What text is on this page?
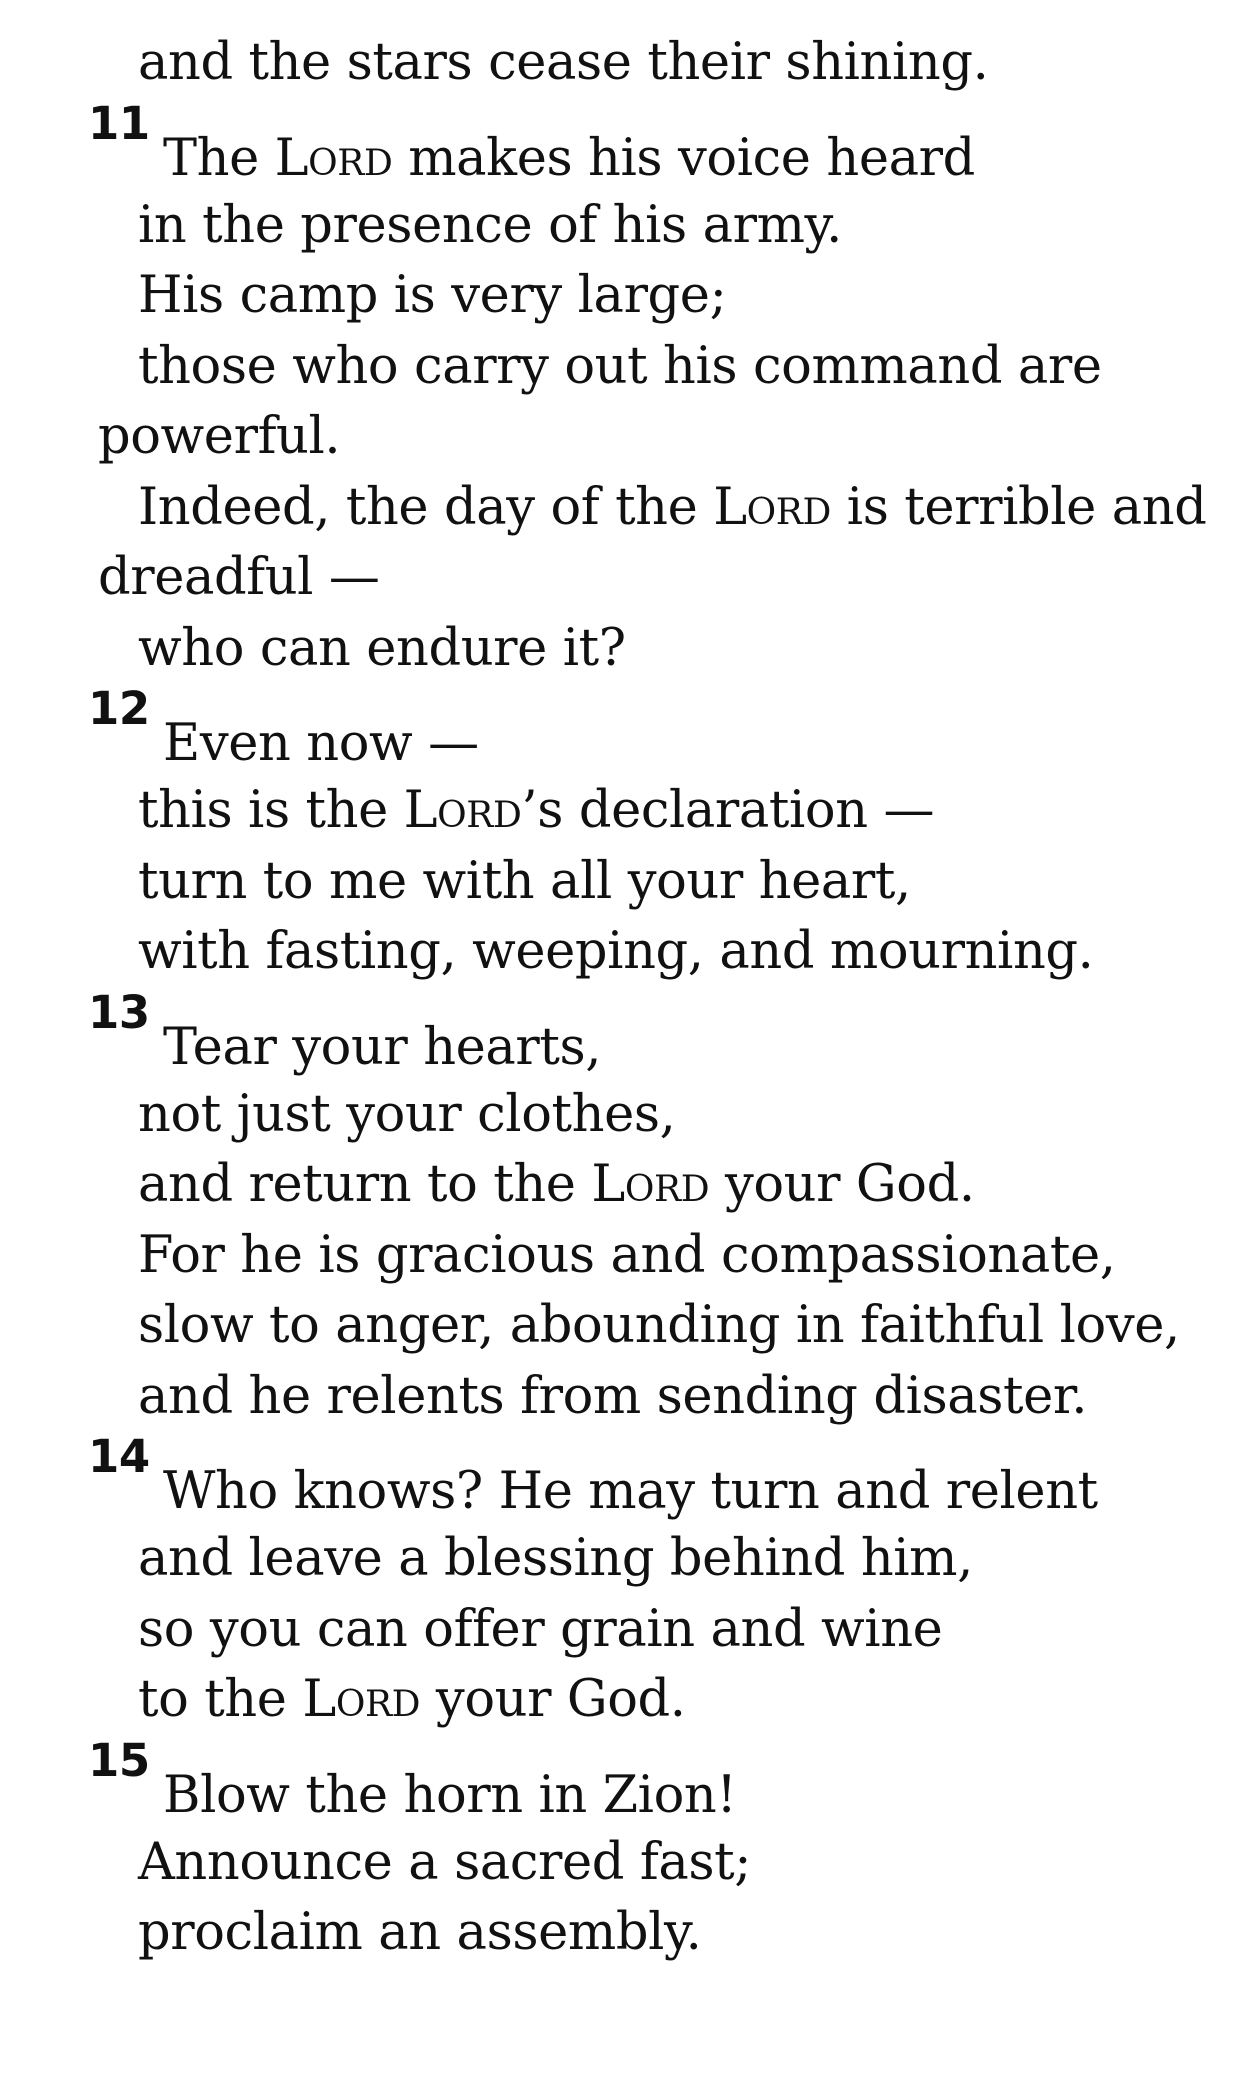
and the stars cease their shining.
11
The Lord makes his voice heard
in the presence of his army.
His camp is very large;
those who carry out his command are
powerful.
Indeed, the day of the Lord is terrible and
dreadful —
who can endure it?
12
Even now —
this is the Lord’s declaration —
turn to me with all your heart,
with fasting, weeping, and mourning.
13
Tear your hearts,
not just your clothes,
and return to the Lord your God.
For he is gracious and compassionate,
slow to anger, abounding in faithful love,
and he relents from sending disaster.
14
Who knows? He may turn and relent
and leave a blessing behind him,
so you can offer grain and wine
to the Lord your God.
15
Blow the horn in Zion!
Announce a sacred fast;
proclaim an assembly.
